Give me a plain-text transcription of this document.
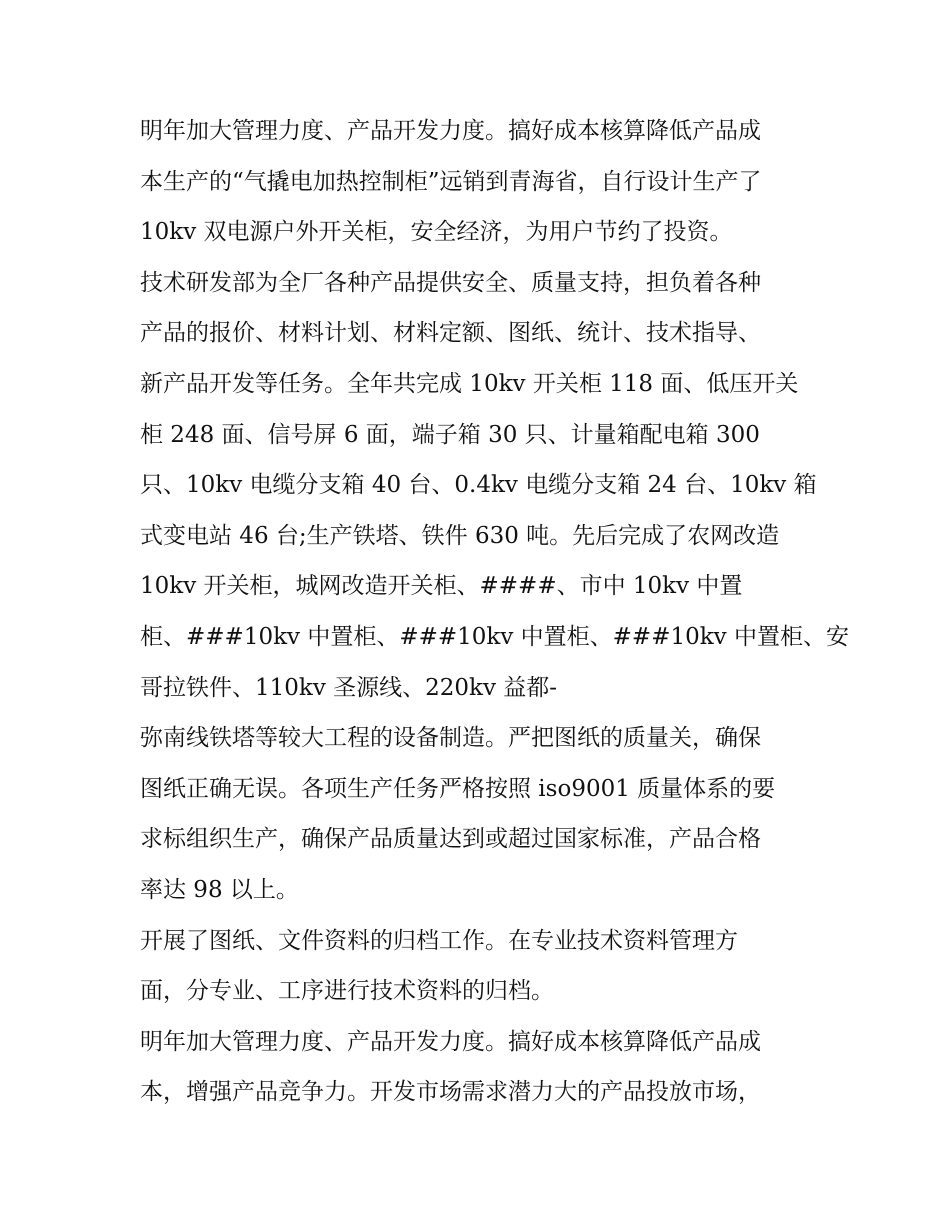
明年加大管理力度、产品开发力度。搞好成本核算降低产品成
本生产的“气撬电加热控制柜”远销到青海省，自行设计生产了
10kv 双电源户外开关柜，安全经济，为用户节约了投资。
技术研发部为全厂各种产品提供安全、质量支持，担负着各种
产品的报价、材料计划、材料定额、图纸、统计、技术指导、
新产品开发等任务。全年共完成 10kv 开关柜 118 面、低压开关
柜 248 面、信号屏 6 面，端子箱 30 只、计量箱配电箱 300
只、10kv 电缆分支箱 40 台、0.4kv 电缆分支箱 24 台、10kv 箱
式变电站 46 台;生产铁塔、铁件 630 吨。先后完成了农网改造
10kv 开关柜，城网改造开关柜、####、市中 10kv 中置
柜、###10kv 中置柜、###10kv 中置柜、###10kv 中置柜、安
哥拉铁件、110kv 圣源线、220kv 益都-
弥南线铁塔等较大工程的设备制造。严把图纸的质量关，确保
图纸正确无误。各项生产任务严格按照 iso9001 质量体系的要
求标组织生产，确保产品质量达到或超过国家标准，产品合格
率达 98 以上。
开展了图纸、文件资料的归档工作。在专业技术资料管理方
面，分专业、工序进行技术资料的归档。
明年加大管理力度、产品开发力度。搞好成本核算降低产品成
本，增强产品竞争力。开发市场需求潜力大的产品投放市场，
